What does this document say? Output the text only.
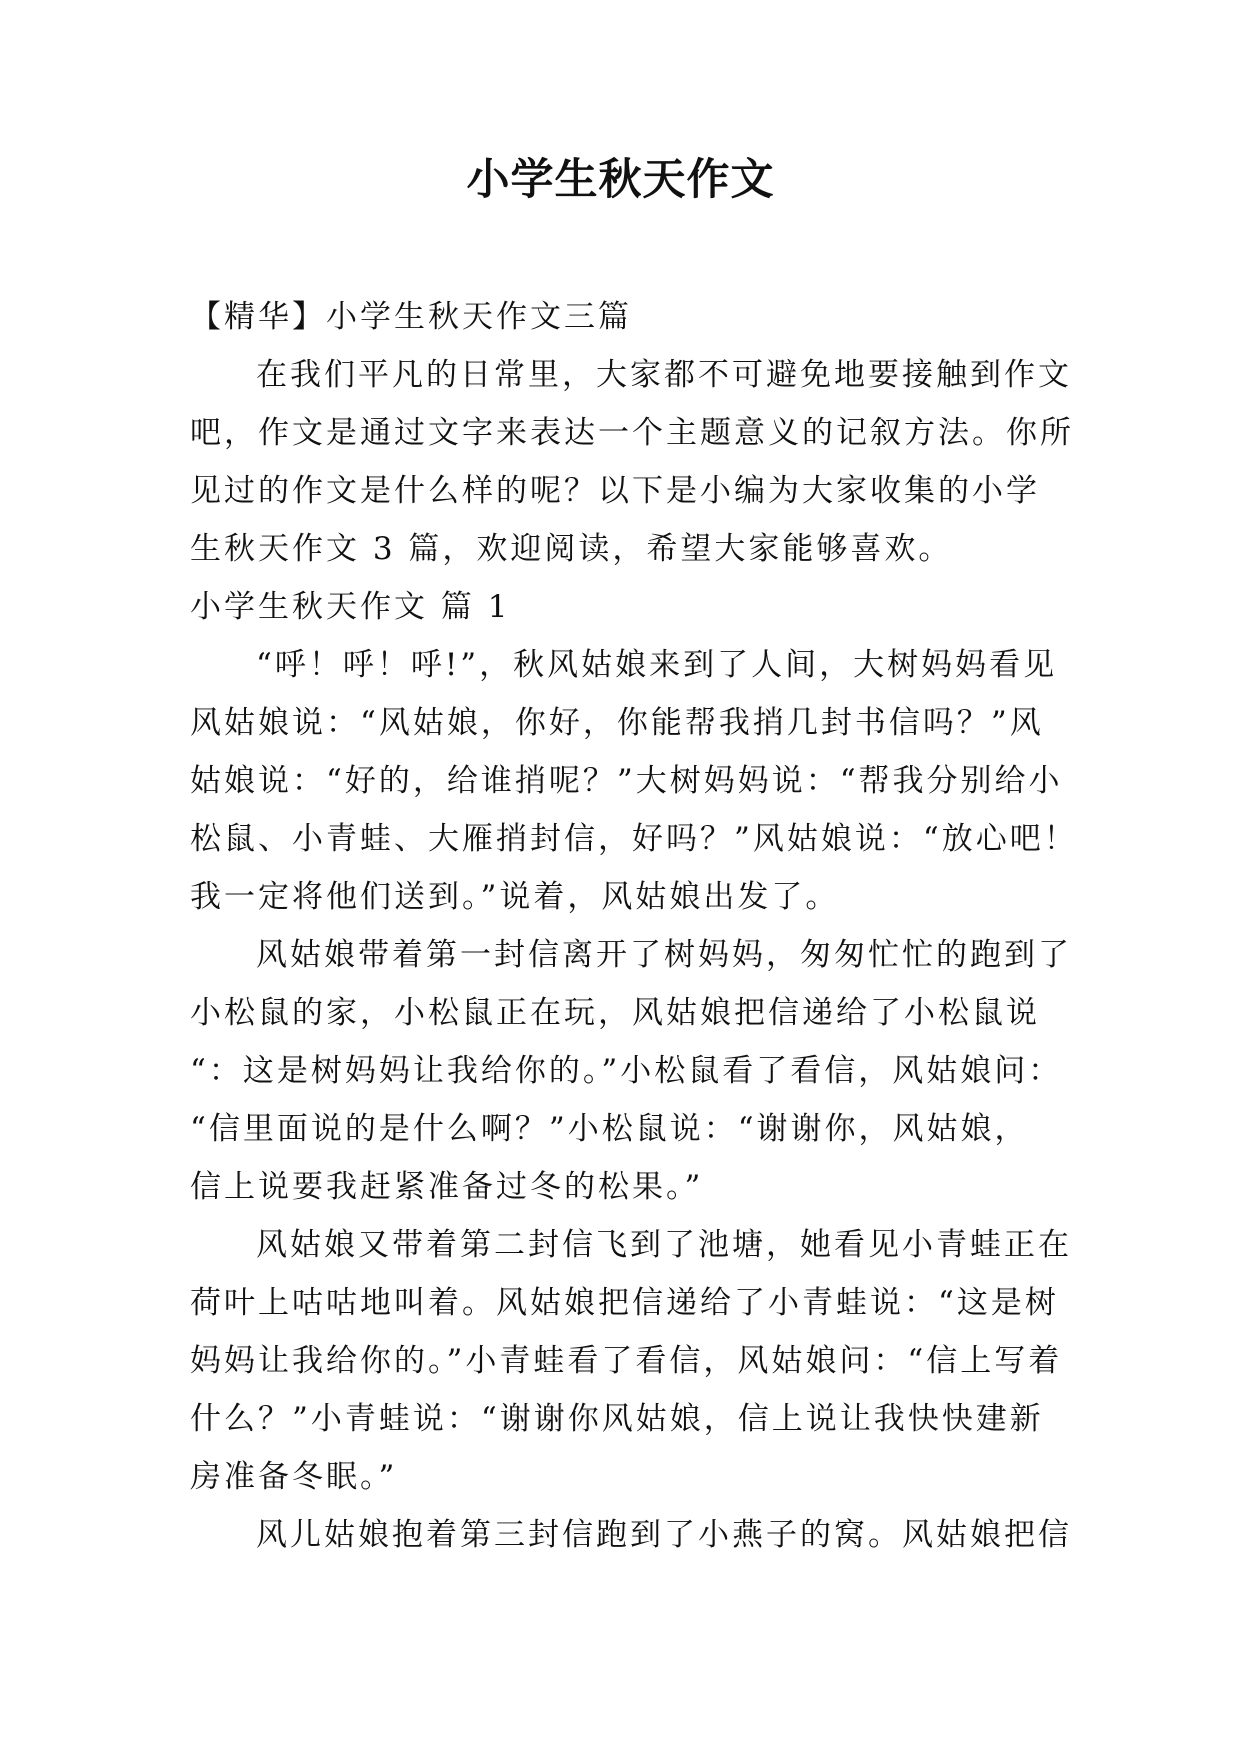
小学生秋天作文
【精华】小学生秋天作文三篇
在我们平凡的日常里，大家都不可避免地要接触到作文
吧，作文是通过文字来表达一个主题意义的记叙方法。你所
见过的作文是什么样的呢？以下是小编为大家收集的小学
生秋天作文 3 篇，欢迎阅读，希望大家能够喜欢。
小学生秋天作文 篇 1
“呼！呼！呼!”，秋风姑娘来到了人间，大树妈妈看见
风姑娘说：“风姑娘，你好，你能帮我捎几封书信吗？”风
姑娘说：“好的，给谁捎呢？”大树妈妈说：“帮我分别给小
松鼠、小青蛙、大雁捎封信，好吗？”风姑娘说：“放心吧！
我一定将他们送到。”说着，风姑娘出发了。
风姑娘带着第一封信离开了树妈妈，匆匆忙忙的跑到了
小松鼠的家，小松鼠正在玩，风姑娘把信递给了小松鼠说
“：这是树妈妈让我给你的。”小松鼠看了看信，风姑娘问：
“信里面说的是什么啊？”小松鼠说：“谢谢你，风姑娘，
信上说要我赶紧准备过冬的松果。”
风姑娘又带着第二封信飞到了池塘，她看见小青蛙正在
荷叶上咕咕地叫着。风姑娘把信递给了小青蛙说：“这是树
妈妈让我给你的。”小青蛙看了看信，风姑娘问：“信上写着
什么？”小青蛙说：“谢谢你风姑娘，信上说让我快快建新
房准备冬眠。”
风儿姑娘抱着第三封信跑到了小燕子的窝。风姑娘把信
